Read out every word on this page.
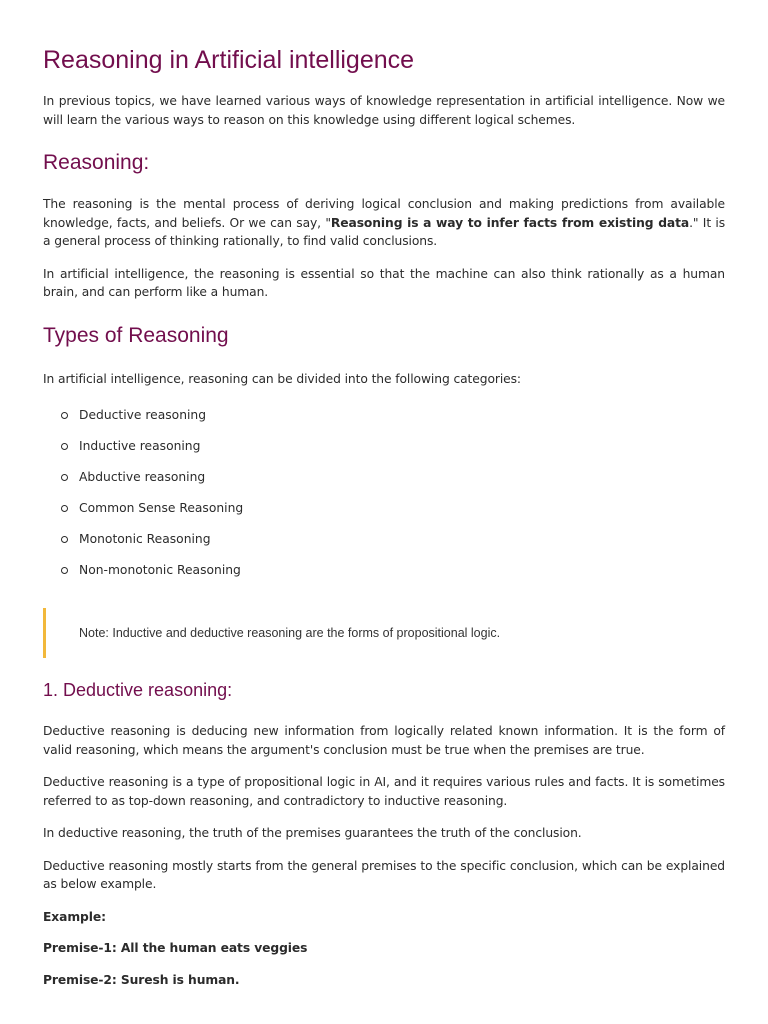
Reasoning in Artificial intelligence

In previous topics, we have learned various ways of knowledge representation in artificial intelligence. Now we will learn the various ways to reason on this knowledge using different logical schemes.

Reasoning:

The reasoning is the mental process of deriving logical conclusion and making predictions from available knowledge, facts, and beliefs. Or we can say, "Reasoning is a way to infer facts from existing data." It is a general process of thinking rationally, to find valid conclusions.

In artificial intelligence, the reasoning is essential so that the machine can also think rationally as a human brain, and can perform like a human.

Types of Reasoning

In artificial intelligence, reasoning can be divided into the following categories:

Deductive reasoning
Inductive reasoning
Abductive reasoning
Common Sense Reasoning
Monotonic Reasoning
Non-monotonic Reasoning
Note: Inductive and deductive reasoning are the forms of propositional logic.
1. Deductive reasoning:

Deductive reasoning is deducing new information from logically related known information. It is the form of valid reasoning, which means the argument's conclusion must be true when the premises are true.

Deductive reasoning is a type of propositional logic in AI, and it requires various rules and facts. It is sometimes referred to as top-down reasoning, and contradictory to inductive reasoning.

In deductive reasoning, the truth of the premises guarantees the truth of the conclusion.

Deductive reasoning mostly starts from the general premises to the specific conclusion, which can be explained as below example.

Example:

Premise-1: All the human eats veggies

Premise-2: Suresh is human.
